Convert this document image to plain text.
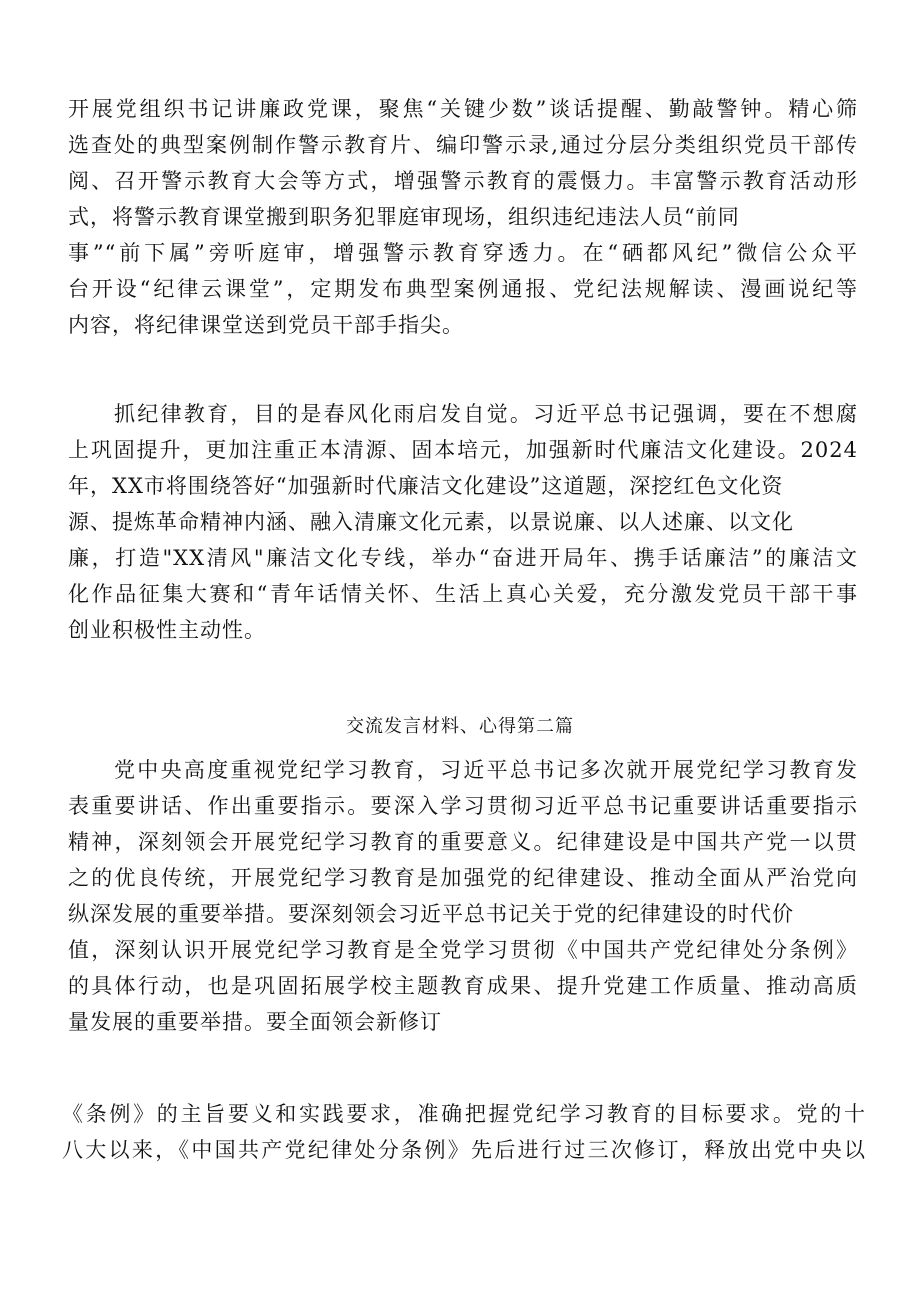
开展党组织书记讲廉政党课，聚焦“关键少数”谈话提醒、勤敲警钟。精心筛
选查处的典型案例制作警示教育片、编印警示录,通过分层分类组织党员干部传
阅、召开警示教育大会等方式，增强警示教育的震慑力。丰富警示教育活动形
式，将警示教育课堂搬到职务犯罪庭审现场，组织违纪违法人员“前同
事”“前下属”旁听庭审，增强警示教育穿透力。在“硒都风纪”微信公众平
台开设“纪律云课堂”，定期发布典型案例通报、党纪法规解读、漫画说纪等
内容，将纪律课堂送到党员干部手指尖。
抓纪律教育，目的是春风化雨启发自觉。习近平总书记强调，要在不想腐
上巩固提升，更加注重正本清源、固本培元，加强新时代廉洁文化建设。2024
年，XX市将围绕答好“加强新时代廉洁文化建设”这道题，深挖红色文化资
源、提炼革命精神内涵、融入清廉文化元素，以景说廉、以人述廉、以文化
廉，打造"XX清风"廉洁文化专线，举办“奋进开局年、携手话廉洁”的廉洁文
化作品征集大赛和“青年话情关怀、生活上真心关爱，充分激发党员干部干事
创业积极性主动性。
交流发言材料、心得第二篇
党中央高度重视党纪学习教育，习近平总书记多次就开展党纪学习教育发
表重要讲话、作出重要指示。要深入学习贯彻习近平总书记重要讲话重要指示
精神，深刻领会开展党纪学习教育的重要意义。纪律建设是中国共产党一以贯
之的优良传统，开展党纪学习教育是加强党的纪律建设、推动全面从严治党向
纵深发展的重要举措。要深刻领会习近平总书记关于党的纪律建设的时代价
值，深刻认识开展党纪学习教育是全党学习贯彻《中国共产党纪律处分条例》
的具体行动，也是巩固拓展学校主题教育成果、提升党建工作质量、推动高质
量发展的重要举措。要全面领会新修订
《条例》的主旨要义和实践要求，准确把握党纪学习教育的目标要求。党的十
八大以来，《中国共产党纪律处分条例》先后进行过三次修订，释放出党中央以
